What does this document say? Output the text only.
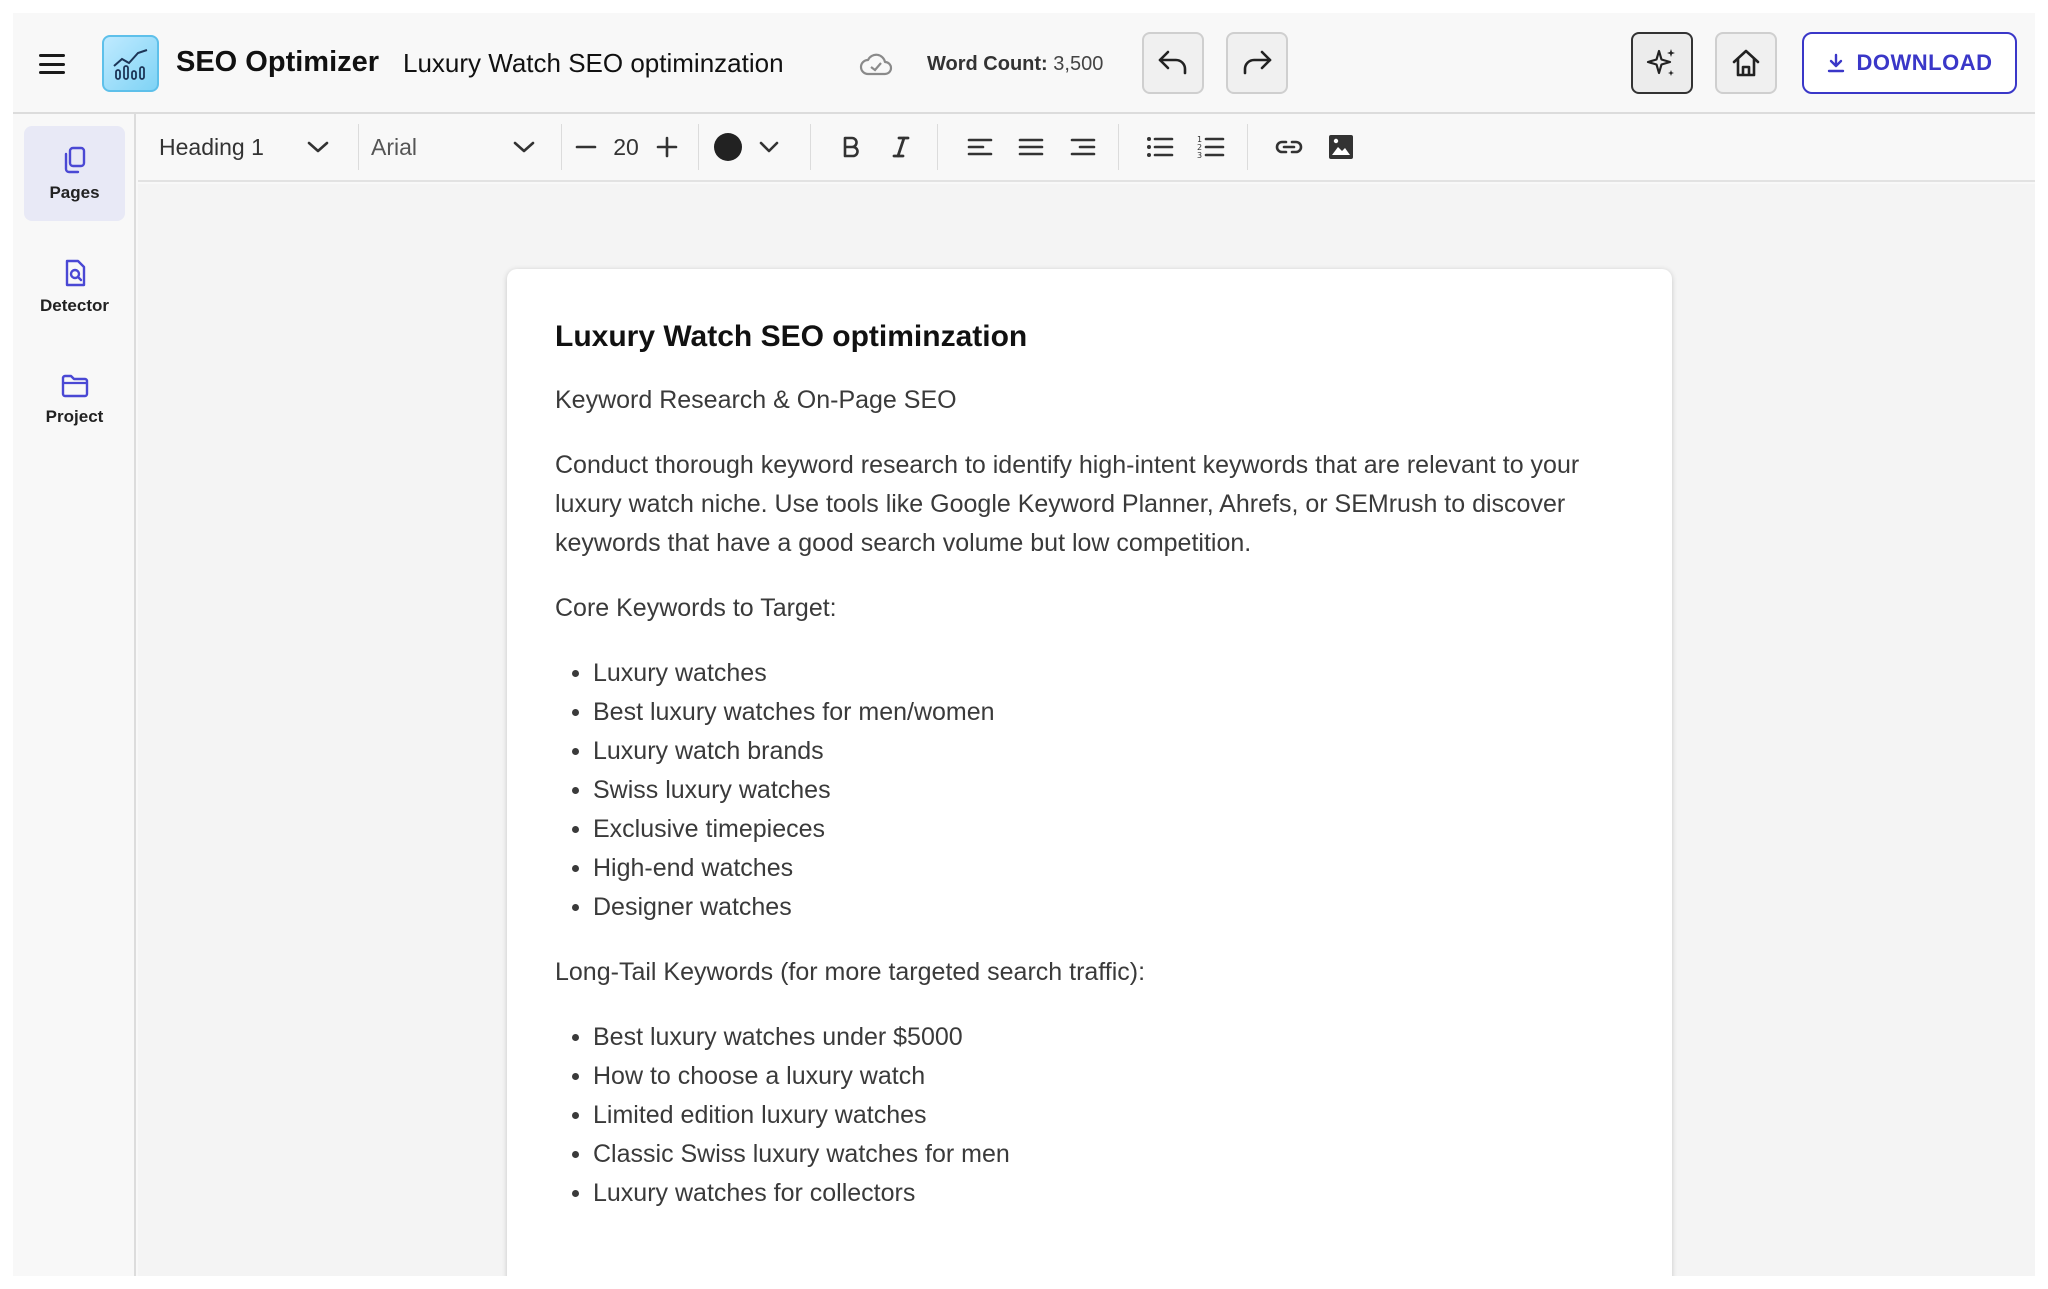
SEO Optimizer Luxury Watch SEO optiminzation	Word Count: 3,500	DOWNLOAD
Pages
Detector
Project
Heading 1	Arial	20	1
2
3
Luxury Watch SEO optiminzation

Keyword Research & On-Page SEO

Conduct thorough keyword research to identify high-intent keywords that are relevant to your luxury watch niche. Use tools like Google Keyword Planner, Ahrefs, or SEMrush to discover keywords that have a good search volume but low competition.

Core Keywords to Target:

Luxury watches
Best luxury watches for men/women
Luxury watch brands
Swiss luxury watches
Exclusive timepieces
High-end watches
Designer watches

Long-Tail Keywords (for more targeted search traffic):

Best luxury watches under $5000
How to choose a luxury watch
Limited edition luxury watches
Classic Swiss luxury watches for men
Luxury watches for collectors
